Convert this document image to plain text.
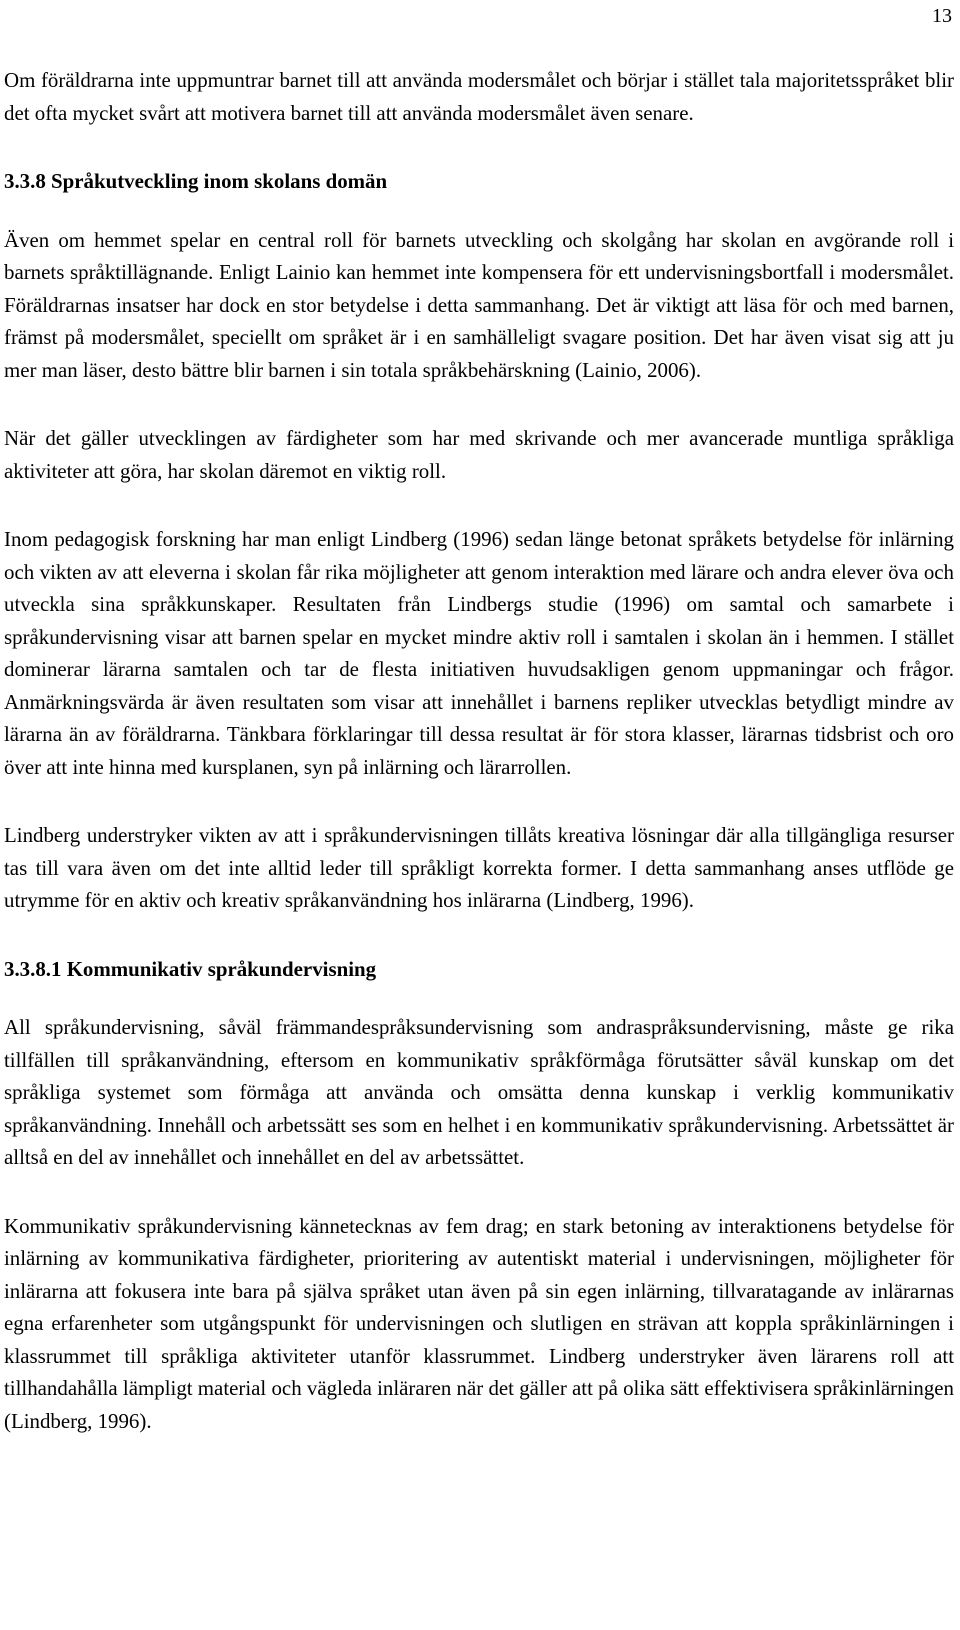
13

Om föräldrarna inte uppmuntrar barnet till att använda modersmålet och börjar i stället tala majoritetsspråket blir det ofta mycket svårt att motivera barnet till att använda modersmålet även senare.

3.3.8 Språkutveckling inom skolans domän

Även om hemmet spelar en central roll för barnets utveckling och skolgång har skolan en avgörande roll i barnets språktillägnande. Enligt Lainio kan hemmet inte kompensera för ett undervisningsbortfall i modersmålet. Föräldrarnas insatser har dock en stor betydelse i detta sammanhang. Det är viktigt att läsa för och med barnen, främst på modersmålet, speciellt om språket är i en samhälleligt svagare position. Det har även visat sig att ju mer man läser, desto bättre blir barnen i sin totala språkbehärskning (Lainio, 2006).

När det gäller utvecklingen av färdigheter som har med skrivande och mer avancerade muntliga språkliga aktiviteter att göra, har skolan däremot en viktig roll.

Inom pedagogisk forskning har man enligt Lindberg (1996) sedan länge betonat språkets betydelse för inlärning och vikten av att eleverna i skolan får rika möjligheter att genom interaktion med lärare och andra elever öva och utveckla sina språkkunskaper. Resultaten från Lindbergs studie (1996) om samtal och samarbete i språkundervisning visar att barnen spelar en mycket mindre aktiv roll i samtalen i skolan än i hemmen. I stället dominerar lärarna samtalen och tar de flesta initiativen huvudsakligen genom uppmaningar och frågor. Anmärkningsvärda är även resultaten som visar att innehållet i barnens repliker utvecklas betydligt mindre av lärarna än av föräldrarna. Tänkbara förklaringar till dessa resultat är för stora klasser, lärarnas tidsbrist och oro över att inte hinna med kursplanen, syn på inlärning och lärarrollen.

Lindberg understryker vikten av att i språkundervisningen tillåts kreativa lösningar där alla tillgängliga resurser tas till vara även om det inte alltid leder till språkligt korrekta former. I detta sammanhang anses utflöde ge utrymme för en aktiv och kreativ språkanvändning hos inlärarna (Lindberg, 1996).

3.3.8.1 Kommunikativ språkundervisning

All språkundervisning, såväl främmandespråksundervisning som andraspråksundervisning, måste ge rika tillfällen till språkanvändning, eftersom en kommunikativ språkförmåga förutsätter såväl kunskap om det språkliga systemet som förmåga att använda och omsätta denna kunskap i verklig kommunikativ språkanvändning. Innehåll och arbetssätt ses som en helhet i en kommunikativ språkundervisning. Arbetssättet är alltså en del av innehållet och innehållet en del av arbetssättet.

Kommunikativ språkundervisning kännetecknas av fem drag; en stark betoning av interaktionens betydelse för inlärning av kommunikativa färdigheter, prioritering av autentiskt material i undervisningen, möjligheter för inlärarna att fokusera inte bara på själva språket utan även på sin egen inlärning, tillvaratagande av inlärarnas egna erfarenheter som utgångspunkt för undervisningen och slutligen en strävan att koppla språkinlärningen i klassrummet till språkliga aktiviteter utanför klassrummet. Lindberg understryker även lärarens roll att tillhandahålla lämpligt material och vägleda inläraren när det gäller att på olika sätt effektivisera språkinlärningen (Lindberg, 1996).
